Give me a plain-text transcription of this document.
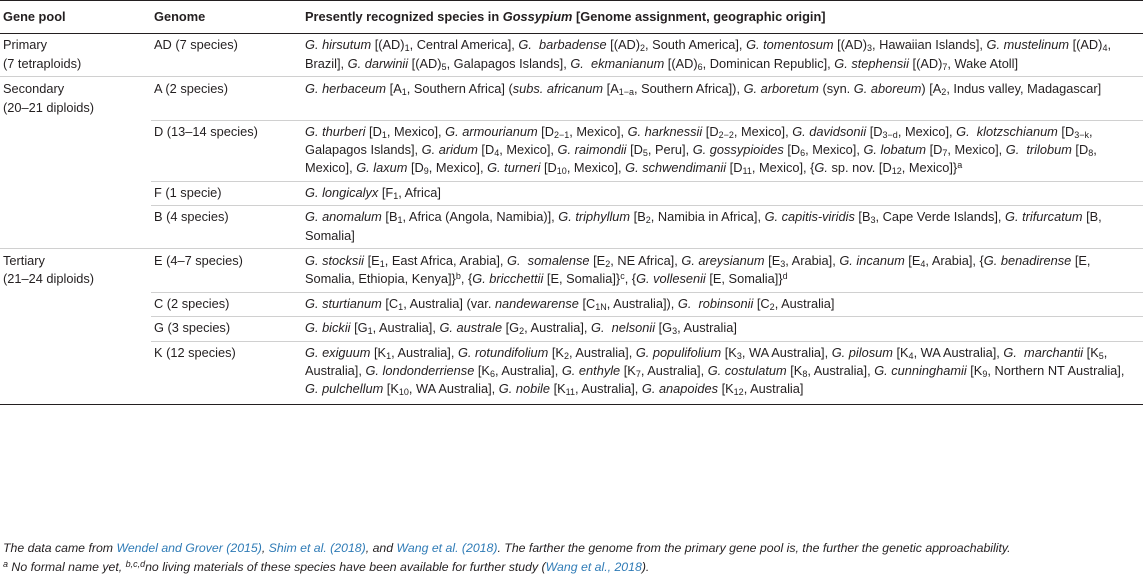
Gene pool	Genome	Presently recognized species in Gossypium [Genome assignment, geographic origin]
Primary
(7 tetraploids)	AD (7 species)	G. hirsutum [$(AD)_1$, Central America], G.  barbadense [$(AD)_2$, South America], G. tomentosum [$(AD)_3$, Hawaiian Islands], G. mustelinum [$(AD)_4$, Brazil], G. darwinii [$(AD)_5$, Galapagos Islands], G.  ekmanianum [$(AD)_6$, Dominican Republic], G. stephensii [$(AD)_7$, Wake Atoll]
Secondary
(20–21 diploids)	A (2 species)	G. herbaceum [$A_1$, Southern Africa] (subs. africanum [$A_{1-a}$, Southern Africa]), G. arboretum (syn. G. aboreum) [$A_2$, Indus valley, Madagascar]
	D (13–14 species)	G. thurberi [$D_1$, Mexico], G. armourianum [$D_{2-1}$, Mexico], G. harknessii [$D_{2-2}$, Mexico], G. davidsonii [$D_{3-d}$, Mexico], G.  klotzschianum [$D_{3-k}$, Galapagos Islands], G. aridum [$D_4$, Mexico], G. raimondii [$D_5$, Peru], G. gossypioides [$D_6$, Mexico], G. lobatum [$D_7$, Mexico], G.  trilobum [$D_8$, Mexico], G. laxum [$D_9$, Mexico], G. turneri [$D_{10}$, Mexico], G. schwendimanii [$D_{11}$, Mexico], {G. sp. nov. [$D_{12}$, Mexico]}$^a$
	F (1 specie)	G. longicalyx [$F_1$, Africa]
	B (4 species)	G. anomalum [$B_1$, Africa (Angola, Namibia)], G. triphyllum [$B_2$, Namibia in Africa], G. capitis-viridis [$B_3$, Cape Verde Islands], G. trifurcatum [B, Somalia]
Tertiary
(21–24 diploids)	E (4–7 species)	G. stocksii [$E_1$, East Africa, Arabia], G.  somalense [$E_2$, NE Africa], G. areysianum [$E_3$, Arabia], G. incanum [$E_4$, Arabia], {G. benadirense [E, Somalia, Ethiopia, Kenya]}$^b$, {G. bricchettii [E, Somalia]}$^c$, {G. vollesenii [E, Somalia]}$^d$
	C (2 species)	G. sturtianum [$C_1$, Australia] (var. nandewarense [$C_{1N}$, Australia]), G.  robinsonii [$C_2$, Australia]
	G (3 species)	G. bickii [$G_1$, Australia], G. australe [$G_2$, Australia], G.  nelsonii [$G_3$, Australia]
	K (12 species)	G. exiguum [$K_1$, Australia], G. rotundifolium [$K_2$, Australia], G. populifolium [$K_3$, WA Australia], G. pilosum [$K_4$, WA Australia], G.  marchantii [$K_5$, Australia], G. londonderriense [$K_6$, Australia], G. enthyle [$K_7$, Australia], G. costulatum [$K_8$, Australia], G. cunninghamii [$K_9$, Northern NT Australia], G. pulchellum [$K_{10}$, WA Australia], G. nobile [$K_{11}$, Australia], G. anapoides [$K_{12}$, Australia]
The data came from Wendel and Grover (2015), Shim et al. (2018), and Wang et al. (2018). The farther the genome from the primary gene pool is, the further the genetic approachability.
$^a$ No formal name yet, $^{b,c,d}$no living materials of these species have been available for further study (Wang et al., 2018).
